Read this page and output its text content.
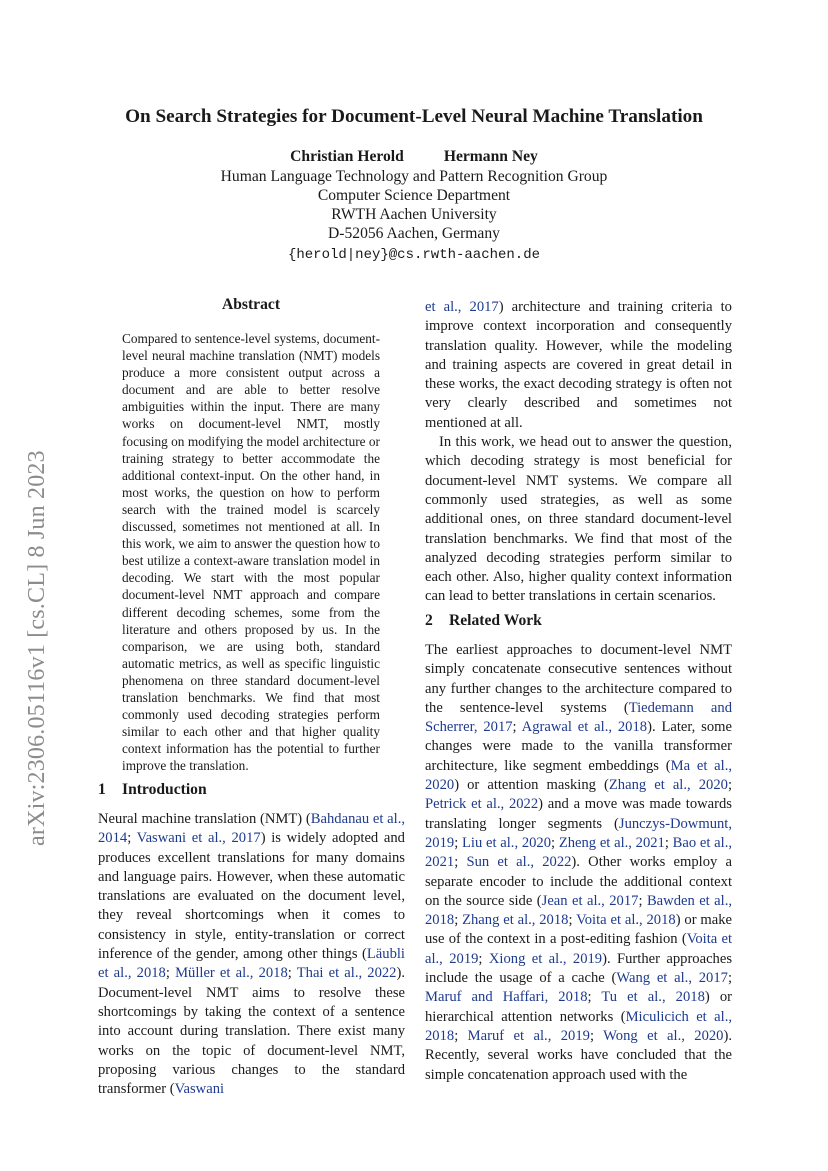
arXiv:2306.05116v1 [cs.CL] 8 Jun 2023
On Search Strategies for Document-Level Neural Machine Translation
Christian Herold	Hermann Ney
Human Language Technology and Pattern Recognition Group
Computer Science Department
RWTH Aachen University
D-52056 Aachen, Germany
{herold|ney}@cs.rwth-aachen.de
Abstract
Compared to sentence-level systems, document-level neural machine translation (NMT) models produce a more consistent output across a document and are able to better resolve ambiguities within the input. There are many works on document-level NMT, mostly focusing on modifying the model architecture or training strategy to better accommodate the additional context-input. On the other hand, in most works, the question on how to perform search with the trained model is scarcely discussed, sometimes not mentioned at all. In this work, we aim to answer the question how to best utilize a context-aware translation model in decoding. We start with the most popular document-level NMT approach and compare different decoding schemes, some from the literature and others proposed by us. In the comparison, we are using both, standard automatic metrics, as well as specific linguistic phenomena on three standard document-level translation benchmarks. We find that most commonly used decoding strategies perform similar to each other and that higher quality context information has the potential to further improve the translation.
1 Introduction

Neural machine translation (NMT) (Bahdanau et al., 2014; Vaswani et al., 2017) is widely adopted and produces excellent translations for many domains and language pairs. However, when these automatic translations are evaluated on the document level, they reveal shortcomings when it comes to consistency in style, entity-translation or correct inference of the gender, among other things (Läubli et al., 2018; Müller et al., 2018; Thai et al., 2022). Document-level NMT aims to resolve these shortcomings by taking the context of a sentence into account during translation. There exist many works on the topic of document-level NMT, proposing various changes to the standard transformer (Vaswani

et al., 2017) architecture and training criteria to improve context incorporation and consequently translation quality. However, while the modeling and training aspects are covered in great detail in these works, the exact decoding strategy is often not very clearly described and sometimes not mentioned at all.

In this work, we head out to answer the question, which decoding strategy is most beneficial for document-level NMT systems. We compare all commonly used strategies, as well as some additional ones, on three standard document-level translation benchmarks. We find that most of the analyzed decoding strategies perform similar to each other. Also, higher quality context information can lead to better translations in certain scenarios.

2 Related Work

The earliest approaches to document-level NMT simply concatenate consecutive sentences without any further changes to the architecture compared to the sentence-level systems (Tiedemann and Scherrer, 2017; Agrawal et al., 2018). Later, some changes were made to the vanilla transformer architecture, like segment embeddings (Ma et al., 2020) or attention masking (Zhang et al., 2020; Petrick et al., 2022) and a move was made towards translating longer segments (Junczys-Dowmunt, 2019; Liu et al., 2020; Zheng et al., 2021; Bao et al., 2021; Sun et al., 2022). Other works employ a separate encoder to include the additional context on the source side (Jean et al., 2017; Bawden et al., 2018; Zhang et al., 2018; Voita et al., 2018) or make use of the context in a post-editing fashion (Voita et al., 2019; Xiong et al., 2019). Further approaches include the usage of a cache (Wang et al., 2017; Maruf and Haffari, 2018; Tu et al., 2018) or hierarchical attention networks (Miculicich et al., 2018; Maruf et al., 2019; Wong et al., 2020). Recently, several works have concluded that the simple concatenation approach used with the
